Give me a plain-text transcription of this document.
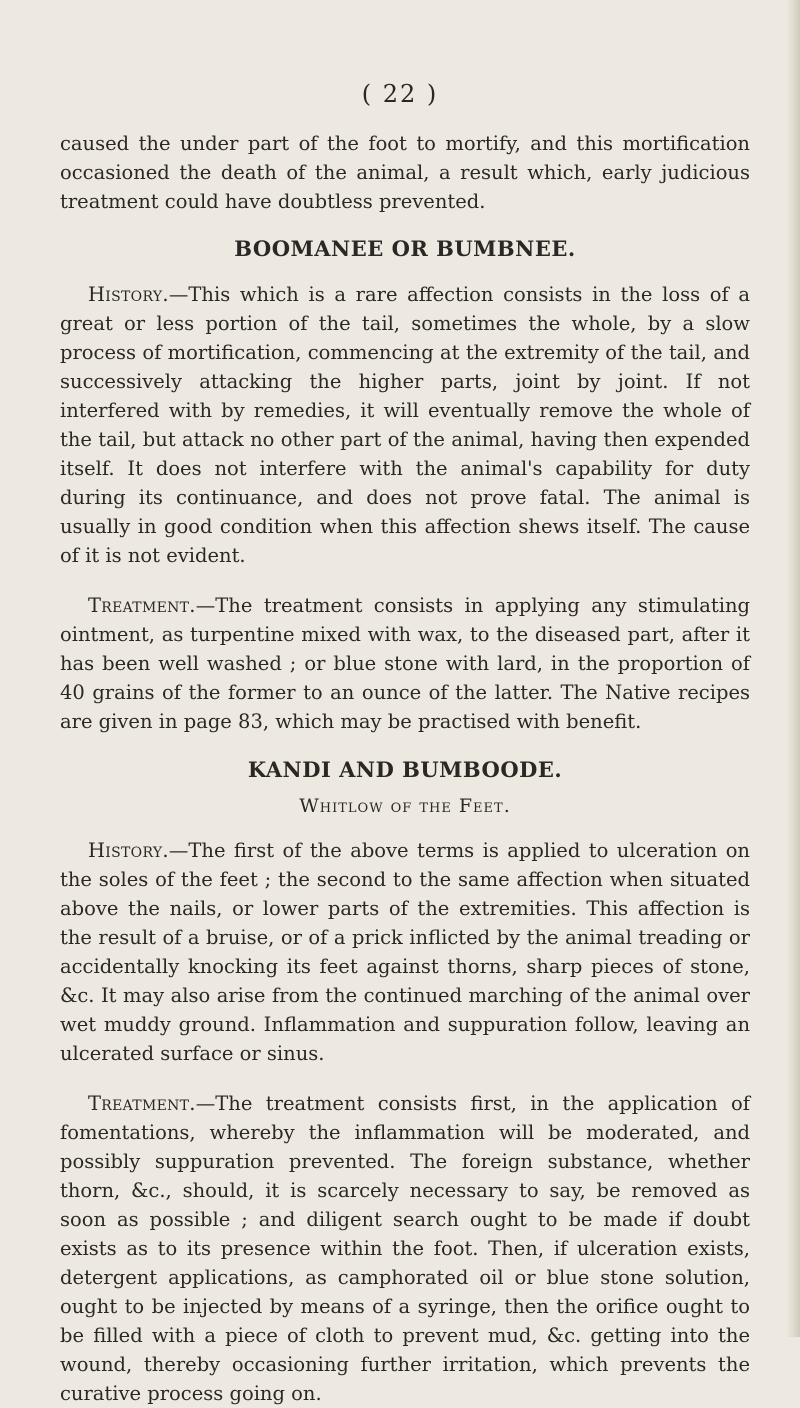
( 22 )

caused the under part of the foot to mortify, and this mortification occasioned the death of the animal, a result which, early judicious treatment could have doubtless prevented.

BOOMANEE OR BUMBNEE.

History.—This which is a rare affection consists in the loss of a great or less portion of the tail, sometimes the whole, by a slow process of mortification, commencing at the extremity of the tail, and successively attacking the higher parts, joint by joint. If not interfered with by remedies, it will eventually remove the whole of the tail, but attack no other part of the animal, having then expended itself. It does not interfere with the animal's capability for duty during its continuance, and does not prove fatal. The animal is usually in good condition when this affection shews itself. The cause of it is not evident.

Treatment.—The treatment consists in applying any stimulating ointment, as turpentine mixed with wax, to the diseased part, after it has been well washed ; or blue stone with lard, in the proportion of 40 grains of the former to an ounce of the latter. The Native recipes are given in page 83, which may be practised with benefit.

KANDI AND BUMBOODE.
Whitlow of the Feet.

History.—The first of the above terms is applied to ulceration on the soles of the feet ; the second to the same affection when situated above the nails, or lower parts of the extremities. This affection is the result of a bruise, or of a prick inflicted by the animal treading or accidentally knocking its feet against thorns, sharp pieces of stone, &c. It may also arise from the continued marching of the animal over wet muddy ground. Inflammation and suppuration follow, leaving an ulcerated surface or sinus.

Treatment.—The treatment consists first, in the application of fomentations, whereby the inflammation will be moderated, and possibly suppuration prevented. The foreign substance, whether thorn, &c., should, it is scarcely necessary to say, be removed as soon as possible ; and diligent search ought to be made if doubt exists as to its presence within the foot. Then, if ulceration exists, detergent applications, as camphorated oil or blue stone solution, ought to be injected by means of a syringe, then the orifice ought to be filled with a piece of cloth to prevent mud, &c. getting into the wound, thereby occasioning further irritation, which prevents the curative process going on.
